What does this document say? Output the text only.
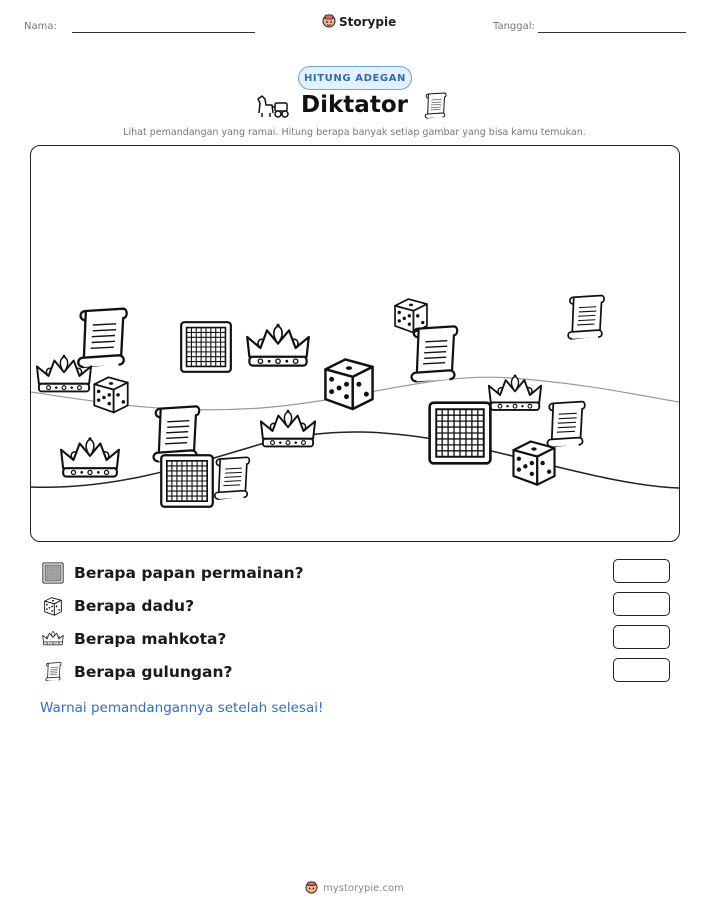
Nama:	Storypie	Tanggal:
HITUNG ADEGAN
Diktator
Lihat pemandangan yang ramai. Hitung berapa banyak setiap gambar yang bisa kamu temukan.
Berapa papan permainan?
Berapa dadu?
Berapa mahkota?
Berapa gulungan?
Warnai pemandangannya setelah selesai!
mystorypie.com
